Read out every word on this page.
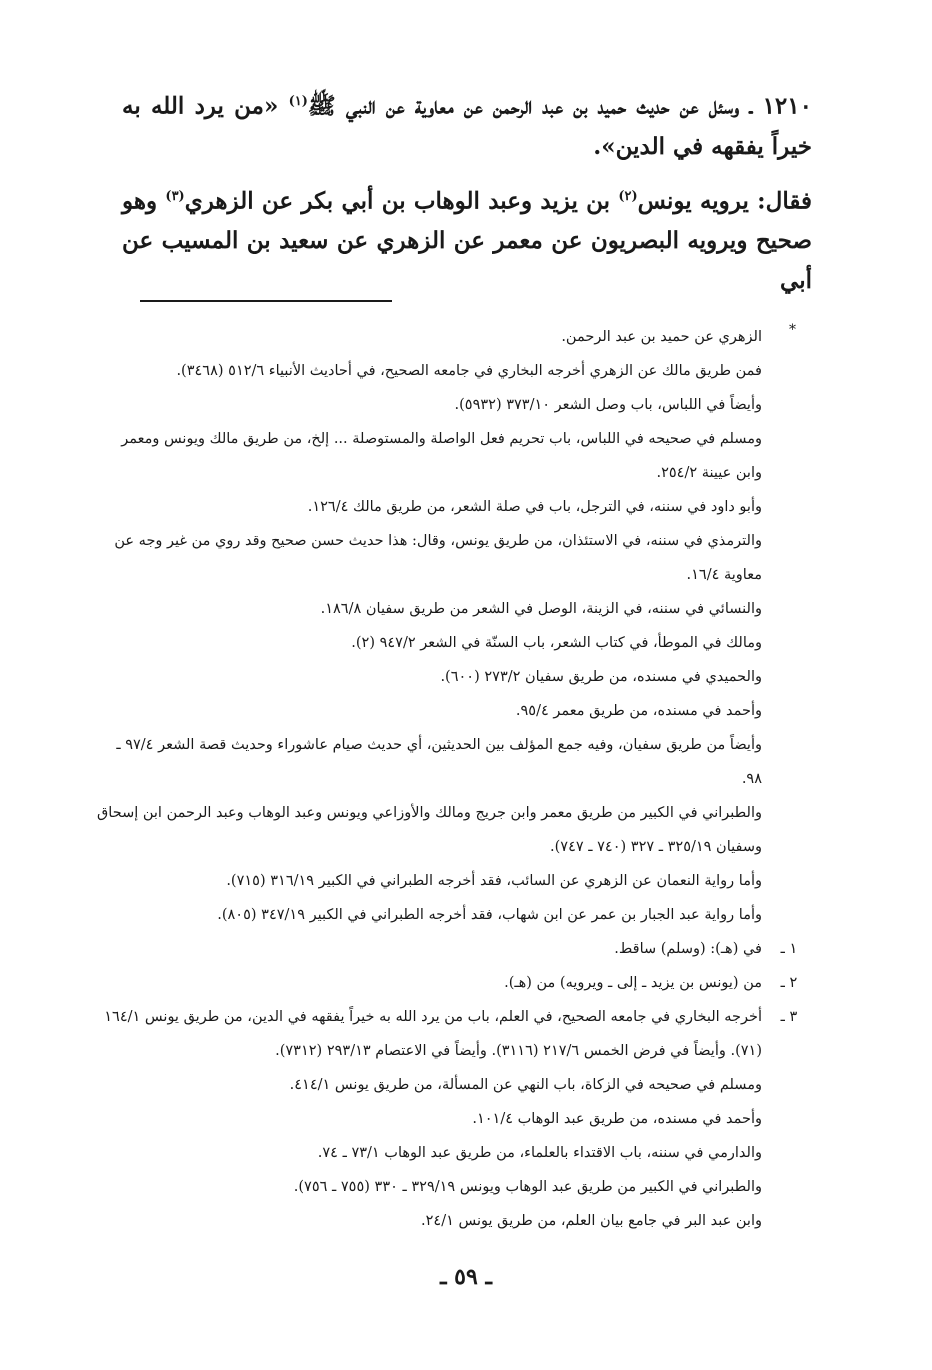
١٢١٠ ـ وسئل عن حديث حميد بن عبد الرحمن عن معاوية عن النبي ﷺ$^{(١)}$ «من يرد الله به خيراً يفقهه في الدين».

فقال: يرويه يونس$^{(٢)}$ بن يزيد وعبد الوهاب بن أبي بكر عن الزهري$^{(٣)}$ وهو صحيح ويرويه البصريون عن معمر عن الزهري عن سعيد بن المسيب عن أبي

*
الزهري عن حميد بن عبد الرحمن.
فمن طريق مالك عن الزهري أخرجه البخاري في جامعه الصحيح، في أحاديث الأنبياء ٥١٢/٦ (٣٤٦٨).
وأيضاً في اللباس، باب وصل الشعر ٣٧٣/١٠ (٥٩٣٢).
ومسلم في صحيحه في اللباس، باب تحريم فعل الواصلة والمستوصلة ... إلخ، من طريق مالك ويونس ومعمر وابن عيينة ٢٥٤/٢.
وأبو داود في سننه، في الترجل، باب في صلة الشعر، من طريق مالك ١٢٦/٤.
والترمذي في سننه، في الاستئذان، من طريق يونس، وقال: هذا حديث حسن صحيح وقد روي من غير وجه عن معاوية ١٦/٤.
والنسائي في سننه، في الزينة، الوصل في الشعر من طريق سفيان ١٨٦/٨.
ومالك في الموطأ، في كتاب الشعر، باب السنّة في الشعر ٩٤٧/٢ (٢).
والحميدي في مسنده، من طريق سفيان ٢٧٣/٢ (٦٠٠).
وأحمد في مسنده، من طريق معمر ٩٥/٤.
وأيضاً من طريق سفيان، وفيه جمع المؤلف بين الحديثين، أي حديث صيام عاشوراء وحديث قصة الشعر ٩٧/٤ ـ ٩٨.
والطبراني في الكبير من طريق معمر وابن جريج ومالك والأوزاعي ويونس وعبد الوهاب وعبد الرحمن ابن إسحاق وسفيان ٣٢٥/١٩ ـ ٣٢٧ (٧٤٠ ـ ٧٤٧).
وأما رواية النعمان عن الزهري عن السائب، فقد أخرجه الطبراني في الكبير ٣١٦/١٩ (٧١٥).
وأما رواية عبد الجبار بن عمر عن ابن شهاب، فقد أخرجه الطبراني في الكبير ٣٤٧/١٩ (٨٠٥).
١ ـ
في (هـ): (وسلم) ساقط.
٢ ـ
من (يونس بن يزيد ـ إلى ـ ويرويه) من (هـ).
٣ ـ
أخرجه البخاري في جامعه الصحيح، في العلم، باب من يرد الله به خيراً يفقهه في الدين، من طريق يونس ١٦٤/١ (٧١). وأيضاً في فرض الخمس ٢١٧/٦ (٣١١٦). وأيضاً في الاعتصام ٢٩٣/١٣ (٧٣١٢).
ومسلم في صحيحه في الزكاة، باب النهي عن المسألة، من طريق يونس ٤١٤/١.
وأحمد في مسنده، من طريق عبد الوهاب ١٠١/٤.
والدارمي في سننه، باب الاقتداء بالعلماء، من طريق عبد الوهاب ٧٣/١ ـ ٧٤.
والطبراني في الكبير من طريق عبد الوهاب ويونس ٣٢٩/١٩ ـ ٣٣٠ (٧٥٥ ـ ٧٥٦).
وابن عبد البر في جامع بيان العلم، من طريق يونس ٢٤/١.
ـ ٥٩ ـ
